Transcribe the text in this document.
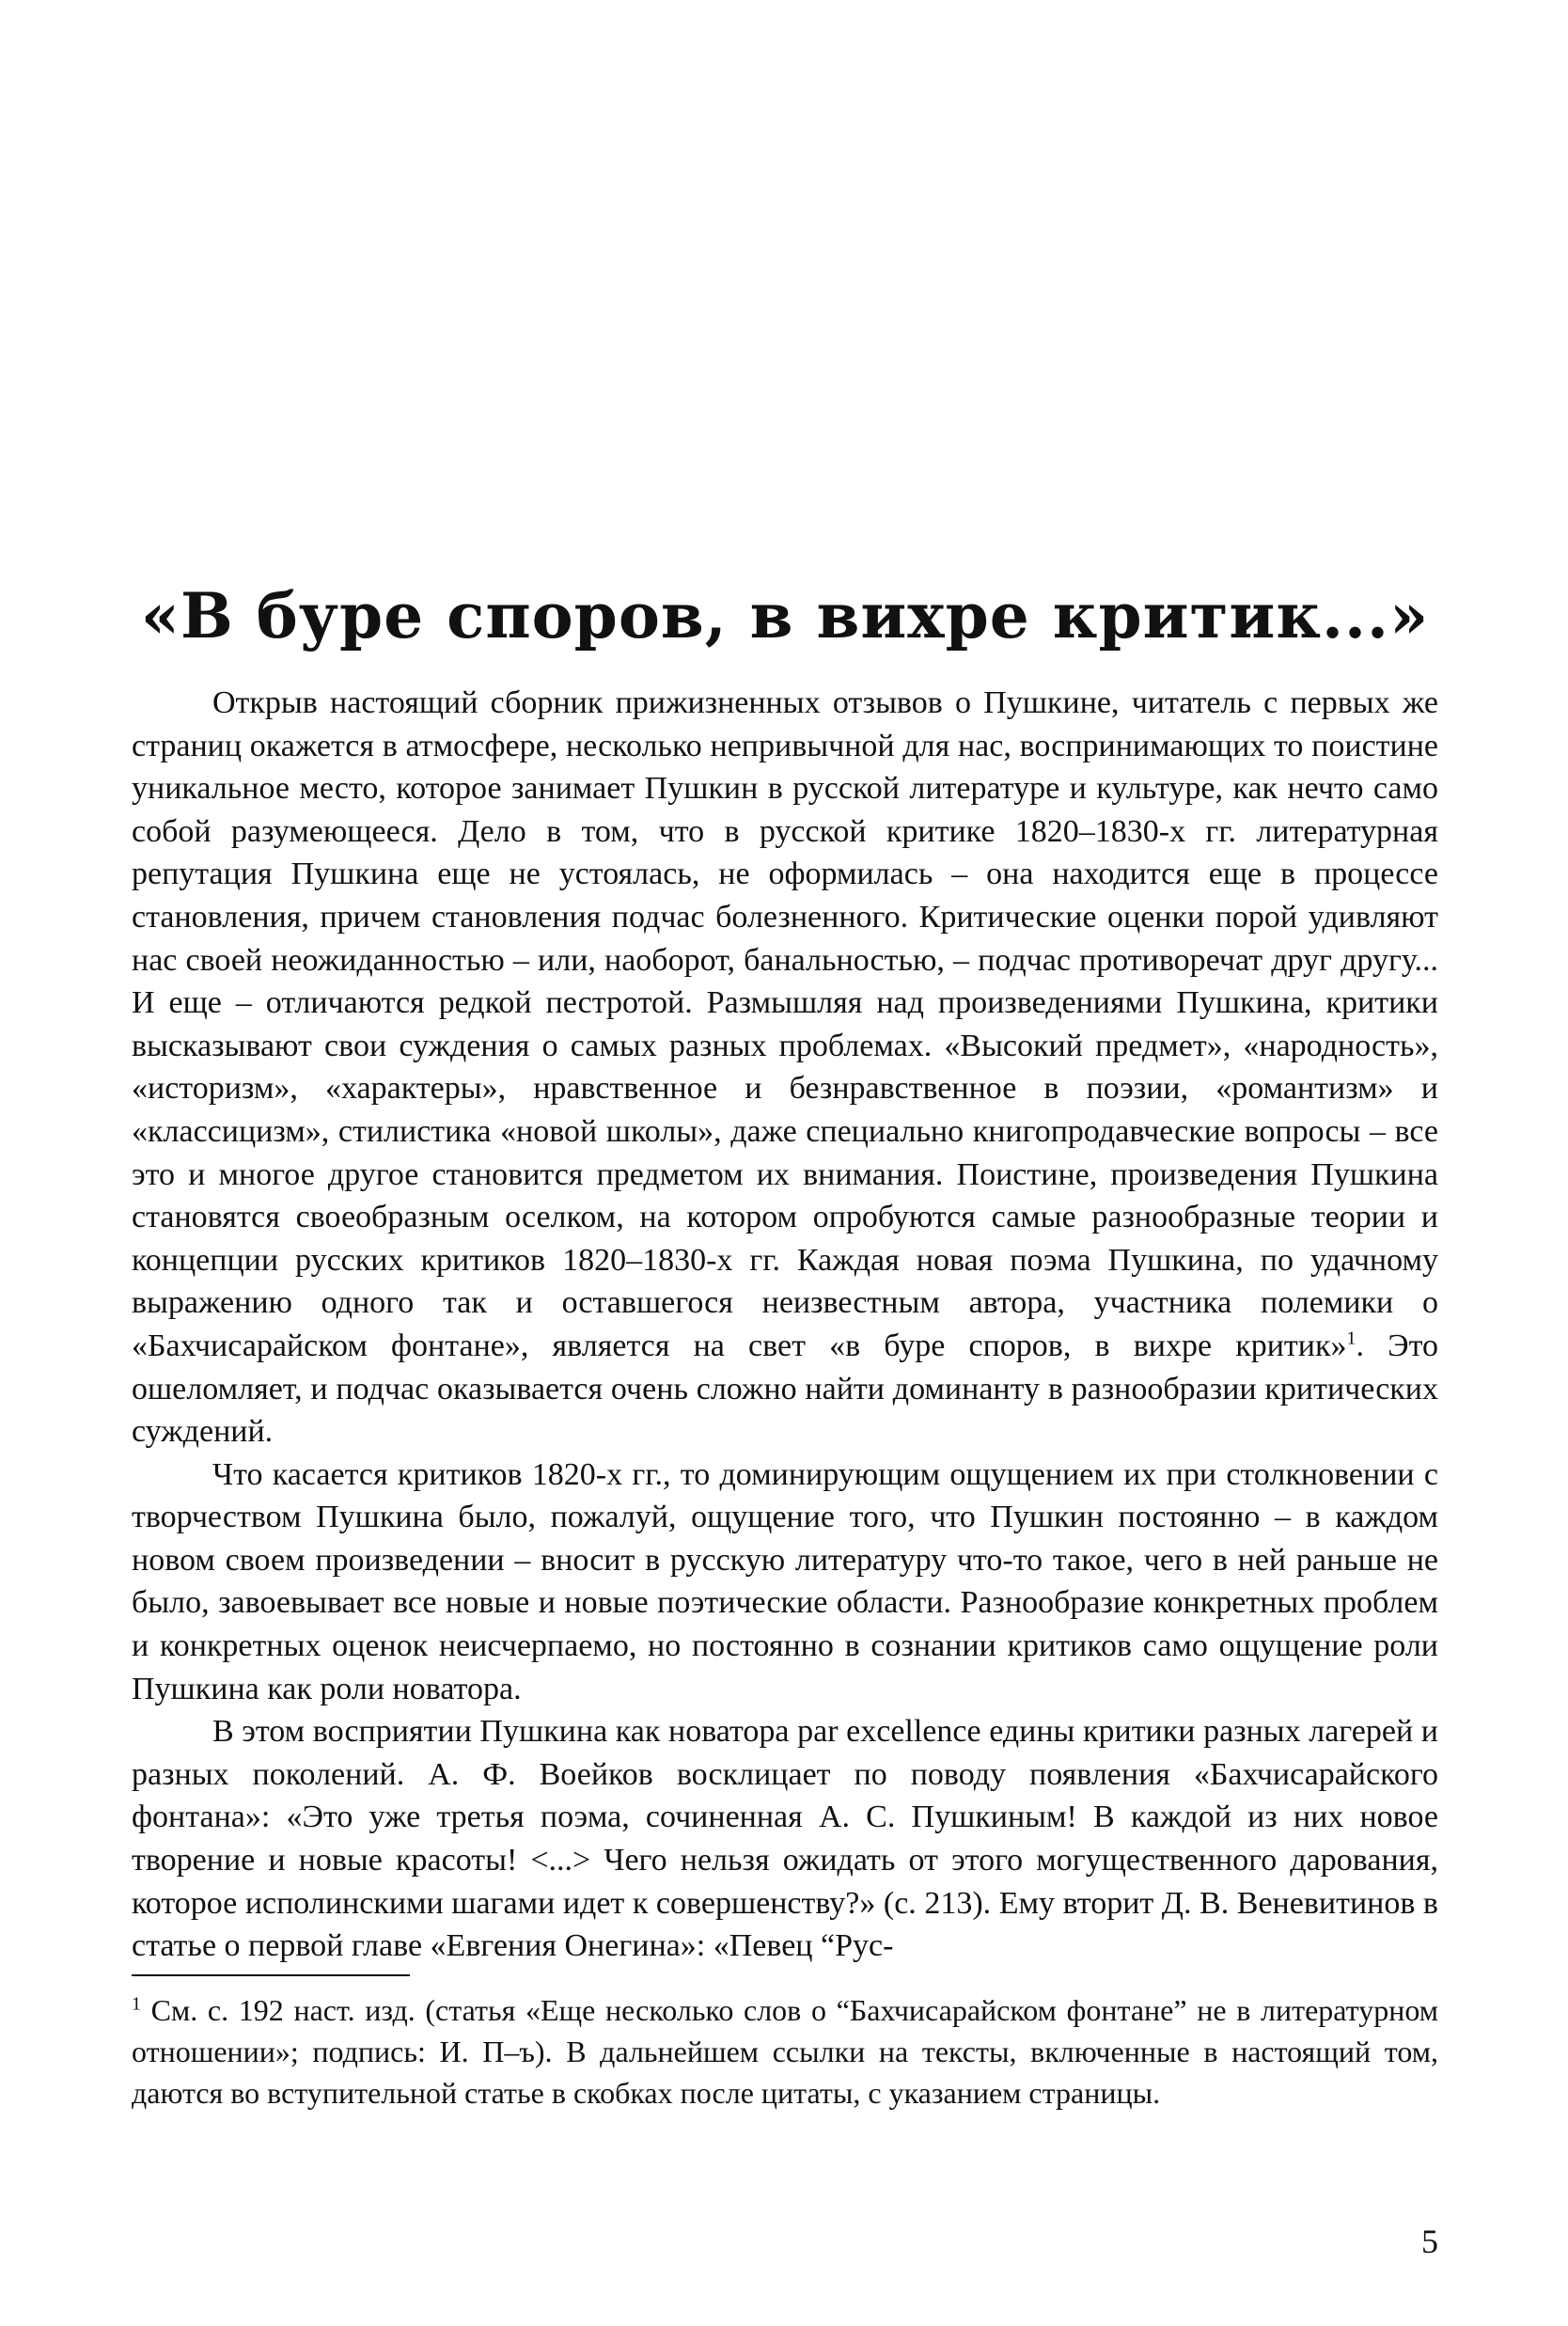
«В буре споров, в вихре критик...»

Открыв настоящий сборник прижизненных отзывов о Пушкине, читатель с первых же страниц окажется в атмосфере, несколько непривычной для нас, воспринимающих то поистине уникальное место, которое занимает Пушкин в русской литературе и культуре, как нечто само собой разумеющееся. Дело в том, что в русской критике 1820–1830-х гг. литературная репутация Пушкина еще не устоялась, не оформилась – она находится еще в процессе становления, причем становления подчас болезненного. Критические оценки порой удивляют нас своей неожиданностью – или, наоборот, банальностью, – подчас противоречат друг другу... И еще – отличаются редкой пестротой. Размышляя над произведениями Пушкина, критики высказывают свои суждения о самых разных проблемах. «Высокий предмет», «народность», «историзм», «характеры», нравственное и безнравственное в поэзии, «романтизм» и «классицизм», стилистика «новой школы», даже специально книгопродавческие вопросы – все это и многое другое становится предметом их внимания. Поистине, произведения Пушкина становятся своеобразным оселком, на котором опробуются самые разнообразные теории и концепции русских критиков 1820–1830-х гг. Каждая новая поэма Пушкина, по удачному выражению одного так и оставшегося неизвестным автора, участника полемики о «Бахчисарайском фонтане», является на свет «в буре споров, в вихре критик»$^1$. Это ошеломляет, и подчас оказывается очень сложно найти доминанту в разнообразии критических суждений.

Что касается критиков 1820-х гг., то доминирующим ощущением их при столкновении с творчеством Пушкина было, пожалуй, ощущение того, что Пушкин постоянно – в каждом новом своем произведении – вносит в русскую литературу что-то такое, чего в ней раньше не было, завоевывает все новые и новые поэтические области. Разнообразие конкретных проблем и конкретных оценок неисчерпаемо, но постоянно в сознании критиков само ощущение роли Пушкина как роли новатора.

В этом восприятии Пушкина как новатора par excellence едины критики разных лагерей и разных поколений. А. Ф. Воейков восклицает по поводу появления «Бахчисарайского фонтана»: «Это уже третья поэма, сочиненная А. С. Пушкиным! В каждой из них новое творение и новые красоты! <...> Чего нельзя ожидать от этого могущественного дарования, которое исполинскими шагами идет к совершенству?» (с. 213). Ему вторит Д. В. Веневитинов в статье о первой главе «Евгения Онегина»: «Певец “Рус-

$^1$ См. с. 192 наст. изд. (статья «Еще несколько слов о “Бахчисарайском фонтане” не в литературном отношении»; подпись: И. П–ъ). В дальнейшем ссылки на тексты, включенные в настоящий том, даются во вступительной статье в скобках после цитаты, с указанием страницы.

5
